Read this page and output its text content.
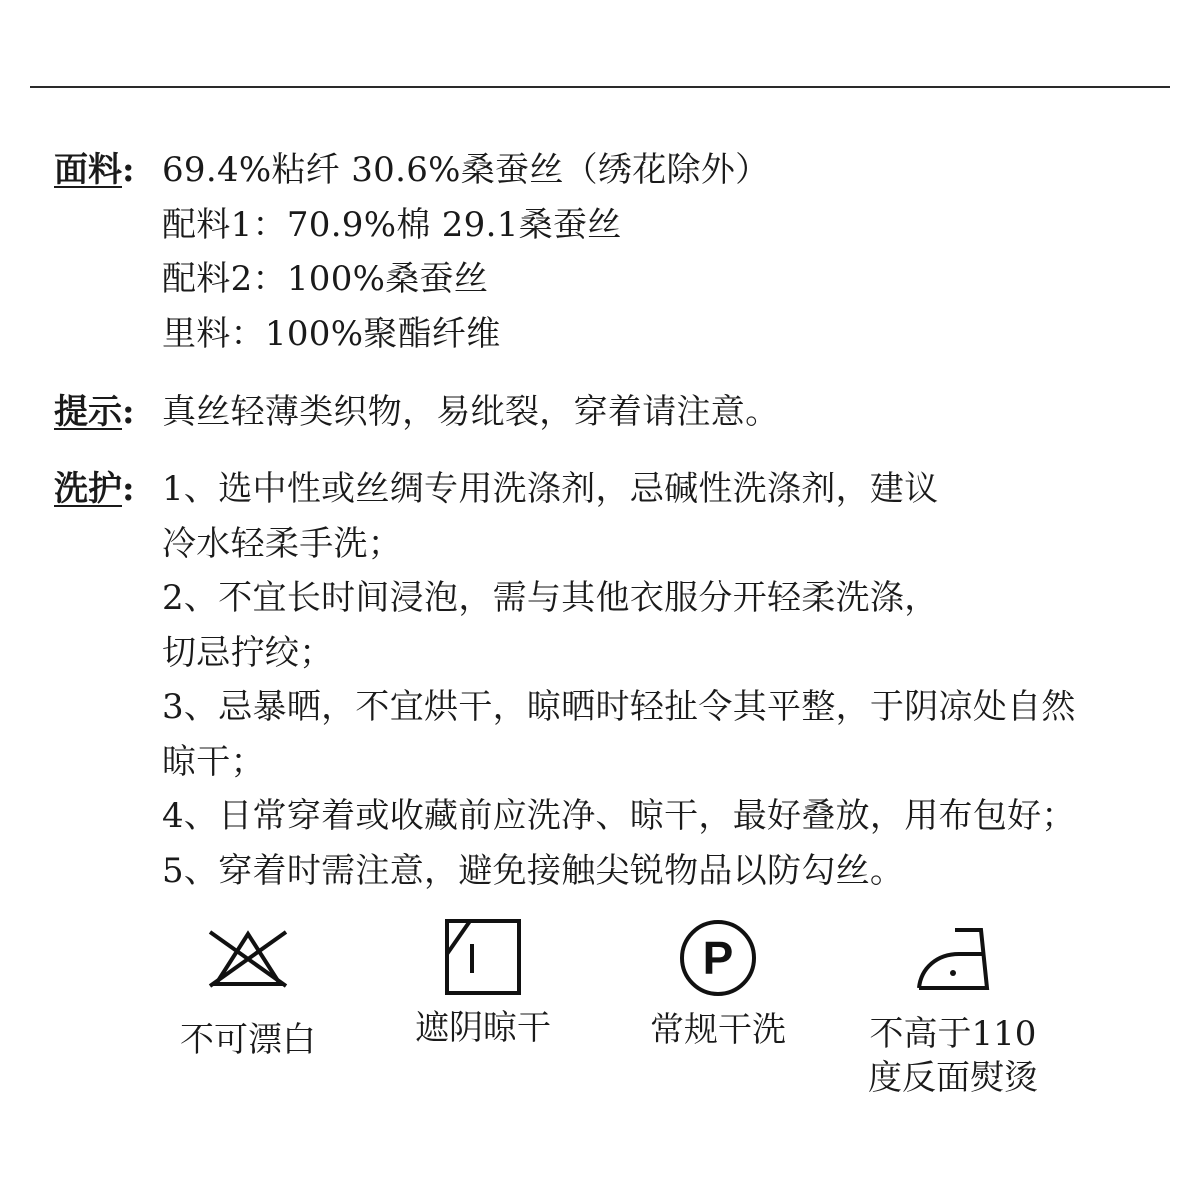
面料: 69.4%粘纤 30.6%桑蚕丝（绣花除外）
配料1：70.9%棉 29.1桑蚕丝
配料2：100%桑蚕丝
里料：100%聚酯纤维
提示: 真丝轻薄类织物，易纰裂，穿着请注意。
洗护: 1、选中性或丝绸专用洗涤剂，忌碱性洗涤剂，建议
冷水轻柔手洗；
2、不宜长时间浸泡，需与其他衣服分开轻柔洗涤，
切忌拧绞；
3、忌暴晒，不宜烘干，晾晒时轻扯令其平整，于阴凉处自然
晾干；
4、日常穿着或收藏前应洗净、晾干，最好叠放，用布包好；
5、穿着时需注意，避免接触尖锐物品以防勾丝。
不可漂白	遮阴晾干
P
常规干洗	不高于110
度反面熨烫
